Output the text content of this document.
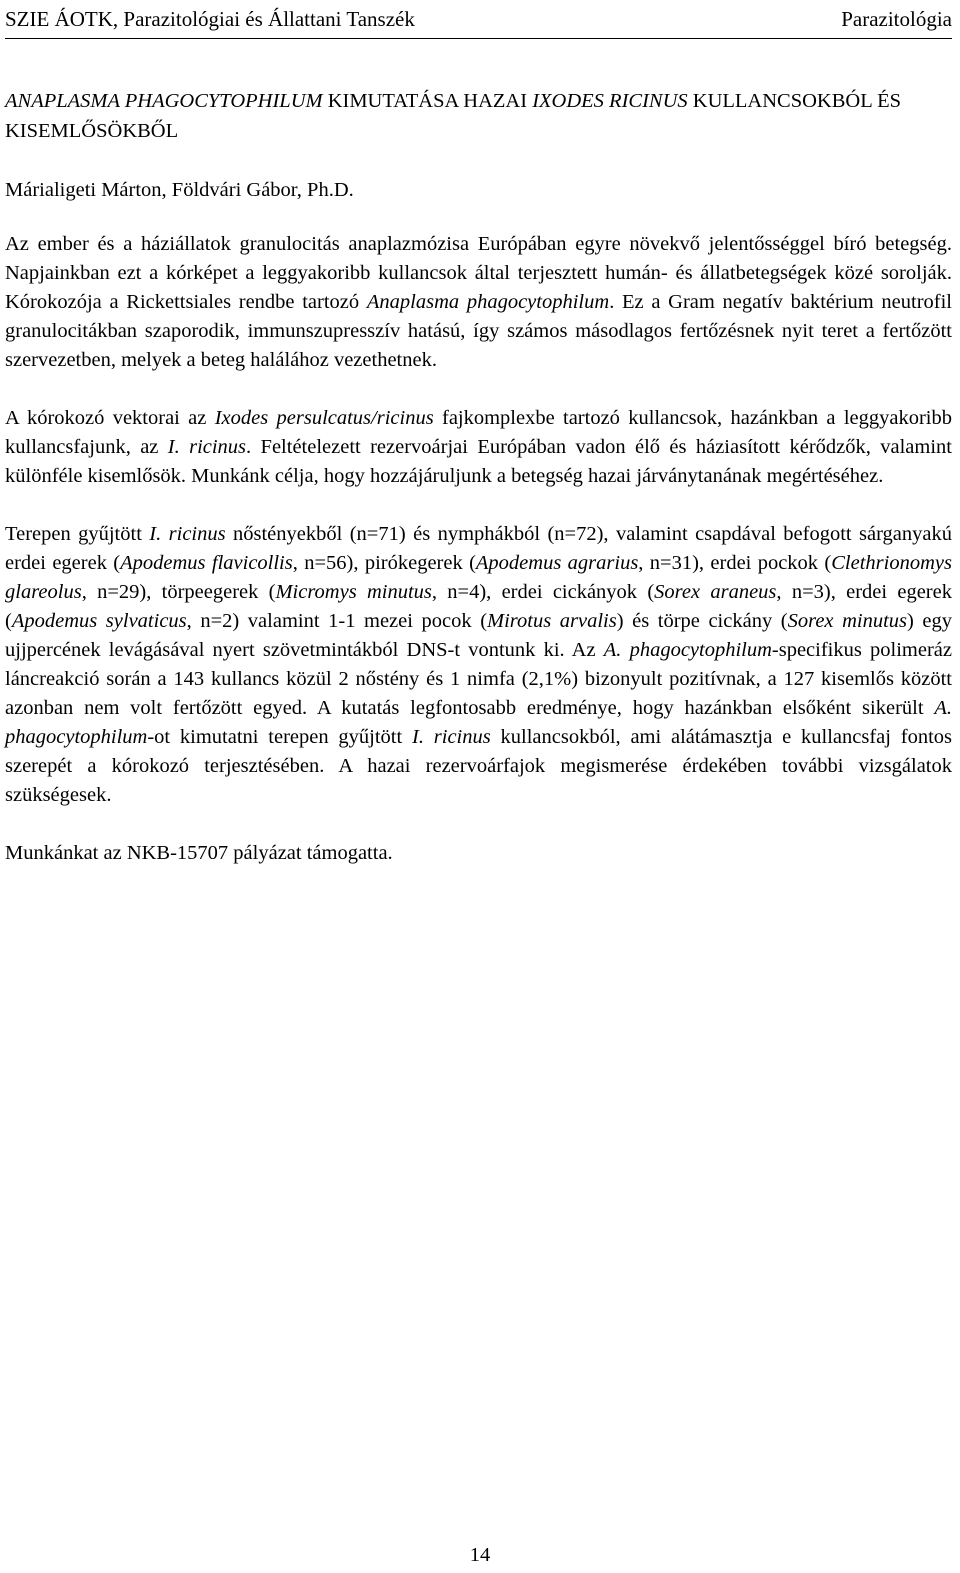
SZIE ÁOTK, Parazitológiai és Állattani Tanszék	Parazitológia
ANAPLASMA PHAGOCYTOPHILUM KIMUTATÁSA HAZAI IXODES RICINUS KULLANCSOKBÓL ÉS KISEMLŐSÖKBŐL

Márialigeti Márton, Földvári Gábor, Ph.D.

Az ember és a háziállatok granulocitás anaplazmózisa Európában egyre növekvő jelentősséggel bíró betegség. Napjainkban ezt a kórképet a leggyakoribb kullancsok által terjesztett humán- és állatbetegségek közé sorolják. Kórokozója a Rickettsiales rendbe tartozó Anaplasma phagocytophilum. Ez a Gram negatív baktérium neutrofil granulocitákban szaporodik, immunszupresszív hatású, így számos másodlagos fertőzésnek nyit teret a fertőzött szervezetben, melyek a beteg halálához vezethetnek.

A kórokozó vektorai az Ixodes persulcatus/ricinus fajkomplexbe tartozó kullancsok, hazánkban a leggyakoribb kullancsfajunk, az I. ricinus. Feltételezett rezervoárjai Európában vadon élő és háziasított kérődzők, valamint különféle kisemlősök. Munkánk célja, hogy hozzájáruljunk a betegség hazai járványtanának megértéséhez.

Terepen gyűjtött I. ricinus nőstényekből (n=71) és nymphákból (n=72), valamint csapdával befogott sárganyakú erdei egerek (Apodemus flavicollis, n=56), pirókegerek (Apodemus agrarius, n=31), erdei pockok (Clethrionomys glareolus, n=29), törpeegerek (Micromys minutus, n=4), erdei cickányok (Sorex araneus, n=3), erdei egerek (Apodemus sylvaticus, n=2) valamint 1-1 mezei pocok (Mirotus arvalis) és törpe cickány (Sorex minutus) egy ujjpercének levágásával nyert szövetmintákból DNS-t vontunk ki. Az A. phagocytophilum-specifikus polimeráz láncreakció során a 143 kullancs közül 2 nőstény és 1 nimfa (2,1%) bizonyult pozitívnak, a 127 kisemlős között azonban nem volt fertőzött egyed. A kutatás legfontosabb eredménye, hogy hazánkban elsőként sikerült A. phagocytophilum-ot kimutatni terepen gyűjtött I. ricinus kullancsokból, ami alátámasztja e kullancsfaj fontos szerepét a kórokozó terjesztésében. A hazai rezervoárfajok megismerése érdekében további vizsgálatok szükségesek.

Munkánkat az NKB-15707 pályázat támogatta.

14
